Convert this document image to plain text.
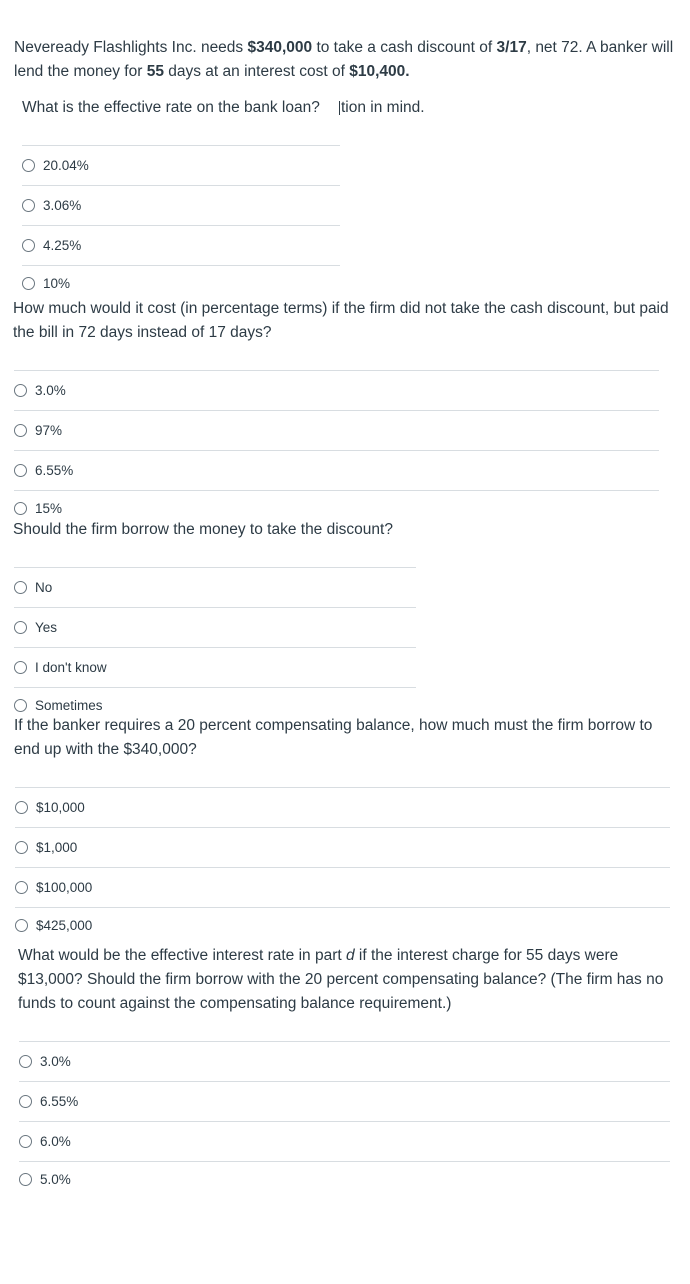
Neveready Flashlights Inc. needs $340,000 to take a cash discount of 3/17, net 72. A banker will lend the money for 55 days at an interest cost of $10,400.

What is the effective rate on the bank loan? tion in mind.
20.04%
3.06%
4.25%
10%

How much would it cost (in percentage terms) if the firm did not take the cash discount, but paid the bill in 72 days instead of 17 days?

3.0%
97%
6.55%
15%

Should the firm borrow the money to take the discount?

No
Yes
I don't know
Sometimes

If the banker requires a 20 percent compensating balance, how much must the firm borrow to end up with the $340,000?

$10,000
$1,000
$100,000
$425,000

What would be the effective interest rate in part d if the interest charge for 55 days were $13,000? Should the firm borrow with the 20 percent compensating balance? (The firm has no funds to count against the compensating balance requirement.)

3.0%
6.55%
6.0%
5.0%
